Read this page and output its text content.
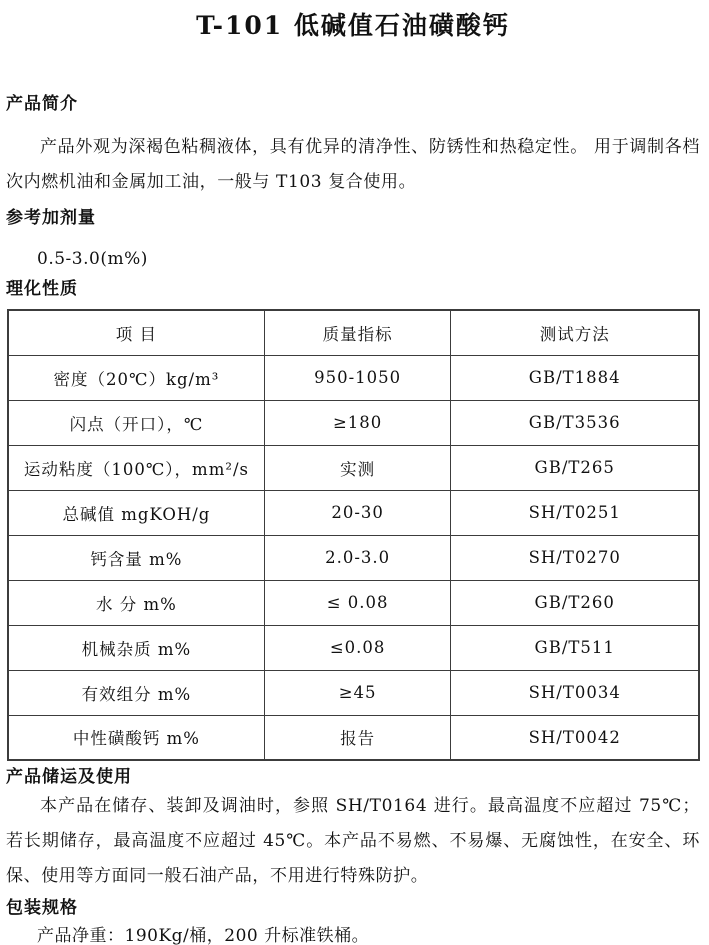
T-101 低碱值石油磺酸钙
产品简介

产品外观为深褐色粘稠液体，具有优异的清净性、防锈性和热稳定性。 用于调制各档次内燃机油和金属加工油，一般与 T103 复合使用。

参考加剂量

0.5-3.0(m%)

理化性质
项 目	质量指标	测试方法
密度（20℃）kg/m³	950-1050	GB/T1884
闪点（开口），℃	≥180	GB/T3536
运动粘度（100℃），mm²/s	实测	GB/T265
总碱值 mgKOH/g	20-30	SH/T0251
钙含量 m%	2.0-3.0	SH/T0270
水 分 m%	≤ 0.08	GB/T260
机械杂质 m%	≤0.08	GB/T511
有效组分 m%	≥45	SH/T0034
中性磺酸钙 m%	报告	SH/T0042
产品储运及使用

本产品在储存、装卸及调油时，参照 SH/T0164 进行。最高温度不应超过 75℃；若长期储存，最高温度不应超过 45℃。本产品不易燃、不易爆、无腐蚀性，在安全、环保、使用等方面同一般石油产品，不用进行特殊防护。

包装规格

产品净重：190Kg/桶，200 升标准铁桶。
